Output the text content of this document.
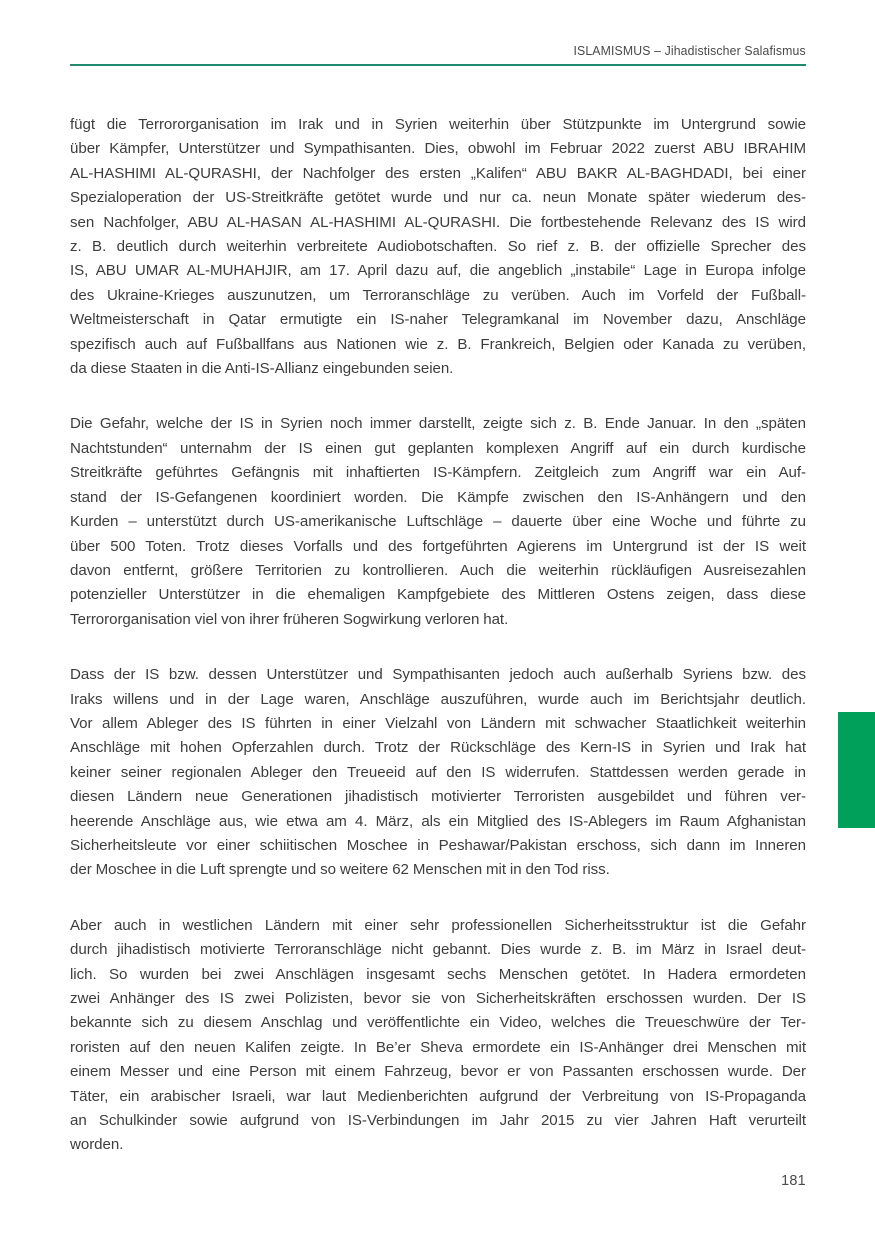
ISLAMISMUS – Jihadistischer Salafismus

fügt die Terrororganisation im Irak und in Syrien weiterhin über Stützpunkte im Untergrund sowie
über Kämpfer, Unterstützer und Sympathisanten. Dies, obwohl im Februar 2022 zuerst ABU IBRAHIM
AL-HASHIMI AL-QURASHI, der Nachfolger des ersten „Kalifen“ ABU BAKR AL-BAGHDADI, bei einer
Spezialoperation der US-Streitkräfte getötet wurde und nur ca. neun Monate später wiederum des-
sen Nachfolger, ABU AL-HASAN AL-HASHIMI AL-QURASHI. Die fortbestehende Relevanz des IS wird
z. B. deutlich durch weiterhin verbreitete Audiobotschaften. So rief z. B. der offizielle Sprecher des
IS, ABU UMAR AL-MUHAHJIR, am 17. April dazu auf, die angeblich „instabile“ Lage in Europa infolge
des Ukraine-Krieges auszunutzen, um Terroranschläge zu verüben. Auch im Vorfeld der Fußball-
Weltmeisterschaft in Qatar ermutigte ein IS-naher Telegramkanal im November dazu, Anschläge
spezifisch auch auf Fußballfans aus Nationen wie z. B. Frankreich, Belgien oder Kanada zu verüben,
da diese Staaten in die Anti-IS-Allianz eingebunden seien.

Die Gefahr, welche der IS in Syrien noch immer darstellt, zeigte sich z. B. Ende Januar. In den „späten
Nachtstunden“ unternahm der IS einen gut geplanten komplexen Angriff auf ein durch kurdische
Streitkräfte geführtes Gefängnis mit inhaftierten IS-Kämpfern. Zeitgleich zum Angriff war ein Auf-
stand der IS-Gefangenen koordiniert worden. Die Kämpfe zwischen den IS-Anhängern und den
Kurden – unterstützt durch US-amerikanische Luftschläge – dauerte über eine Woche und führte zu
über 500 Toten. Trotz dieses Vorfalls und des fortgeführten Agierens im Untergrund ist der IS weit
davon entfernt, größere Territorien zu kontrollieren. Auch die weiterhin rückläufigen Ausreisezahlen
potenzieller Unterstützer in die ehemaligen Kampfgebiete des Mittleren Ostens zeigen, dass diese
Terrororganisation viel von ihrer früheren Sogwirkung verloren hat.

Dass der IS bzw. dessen Unterstützer und Sympathisanten jedoch auch außerhalb Syriens bzw. des
Iraks willens und in der Lage waren, Anschläge auszuführen, wurde auch im Berichtsjahr deutlich.
Vor allem Ableger des IS führten in einer Vielzahl von Ländern mit schwacher Staatlichkeit weiterhin
Anschläge mit hohen Opferzahlen durch. Trotz der Rückschläge des Kern-IS in Syrien und Irak hat
keiner seiner regionalen Ableger den Treueeid auf den IS widerrufen. Stattdessen werden gerade in
diesen Ländern neue Generationen jihadistisch motivierter Terroristen ausgebildet und führen ver-
heerende Anschläge aus, wie etwa am 4. März, als ein Mitglied des IS-Ablegers im Raum Afghanistan
Sicherheitsleute vor einer schiitischen Moschee in Peshawar/Pakistan erschoss, sich dann im Inneren
der Moschee in die Luft sprengte und so weitere 62 Menschen mit in den Tod riss.

Aber auch in westlichen Ländern mit einer sehr professionellen Sicherheitsstruktur ist die Gefahr
durch jihadistisch motivierte Terroranschläge nicht gebannt. Dies wurde z. B. im März in Israel deut-
lich. So wurden bei zwei Anschlägen insgesamt sechs Menschen getötet. In Hadera ermordeten
zwei Anhänger des IS zwei Polizisten, bevor sie von Sicherheitskräften erschossen wurden. Der IS
bekannte sich zu diesem Anschlag und veröffentlichte ein Video, welches die Treueschwüre der Ter-
roristen auf den neuen Kalifen zeigte. In Be’er Sheva ermordete ein IS-Anhänger drei Menschen mit
einem Messer und eine Person mit einem Fahrzeug, bevor er von Passanten erschossen wurde. Der
Täter, ein arabischer Israeli, war laut Medienberichten aufgrund der Verbreitung von IS-Propaganda
an Schulkinder sowie aufgrund von IS-Verbindungen im Jahr 2015 zu vier Jahren Haft verurteilt
worden.

181
